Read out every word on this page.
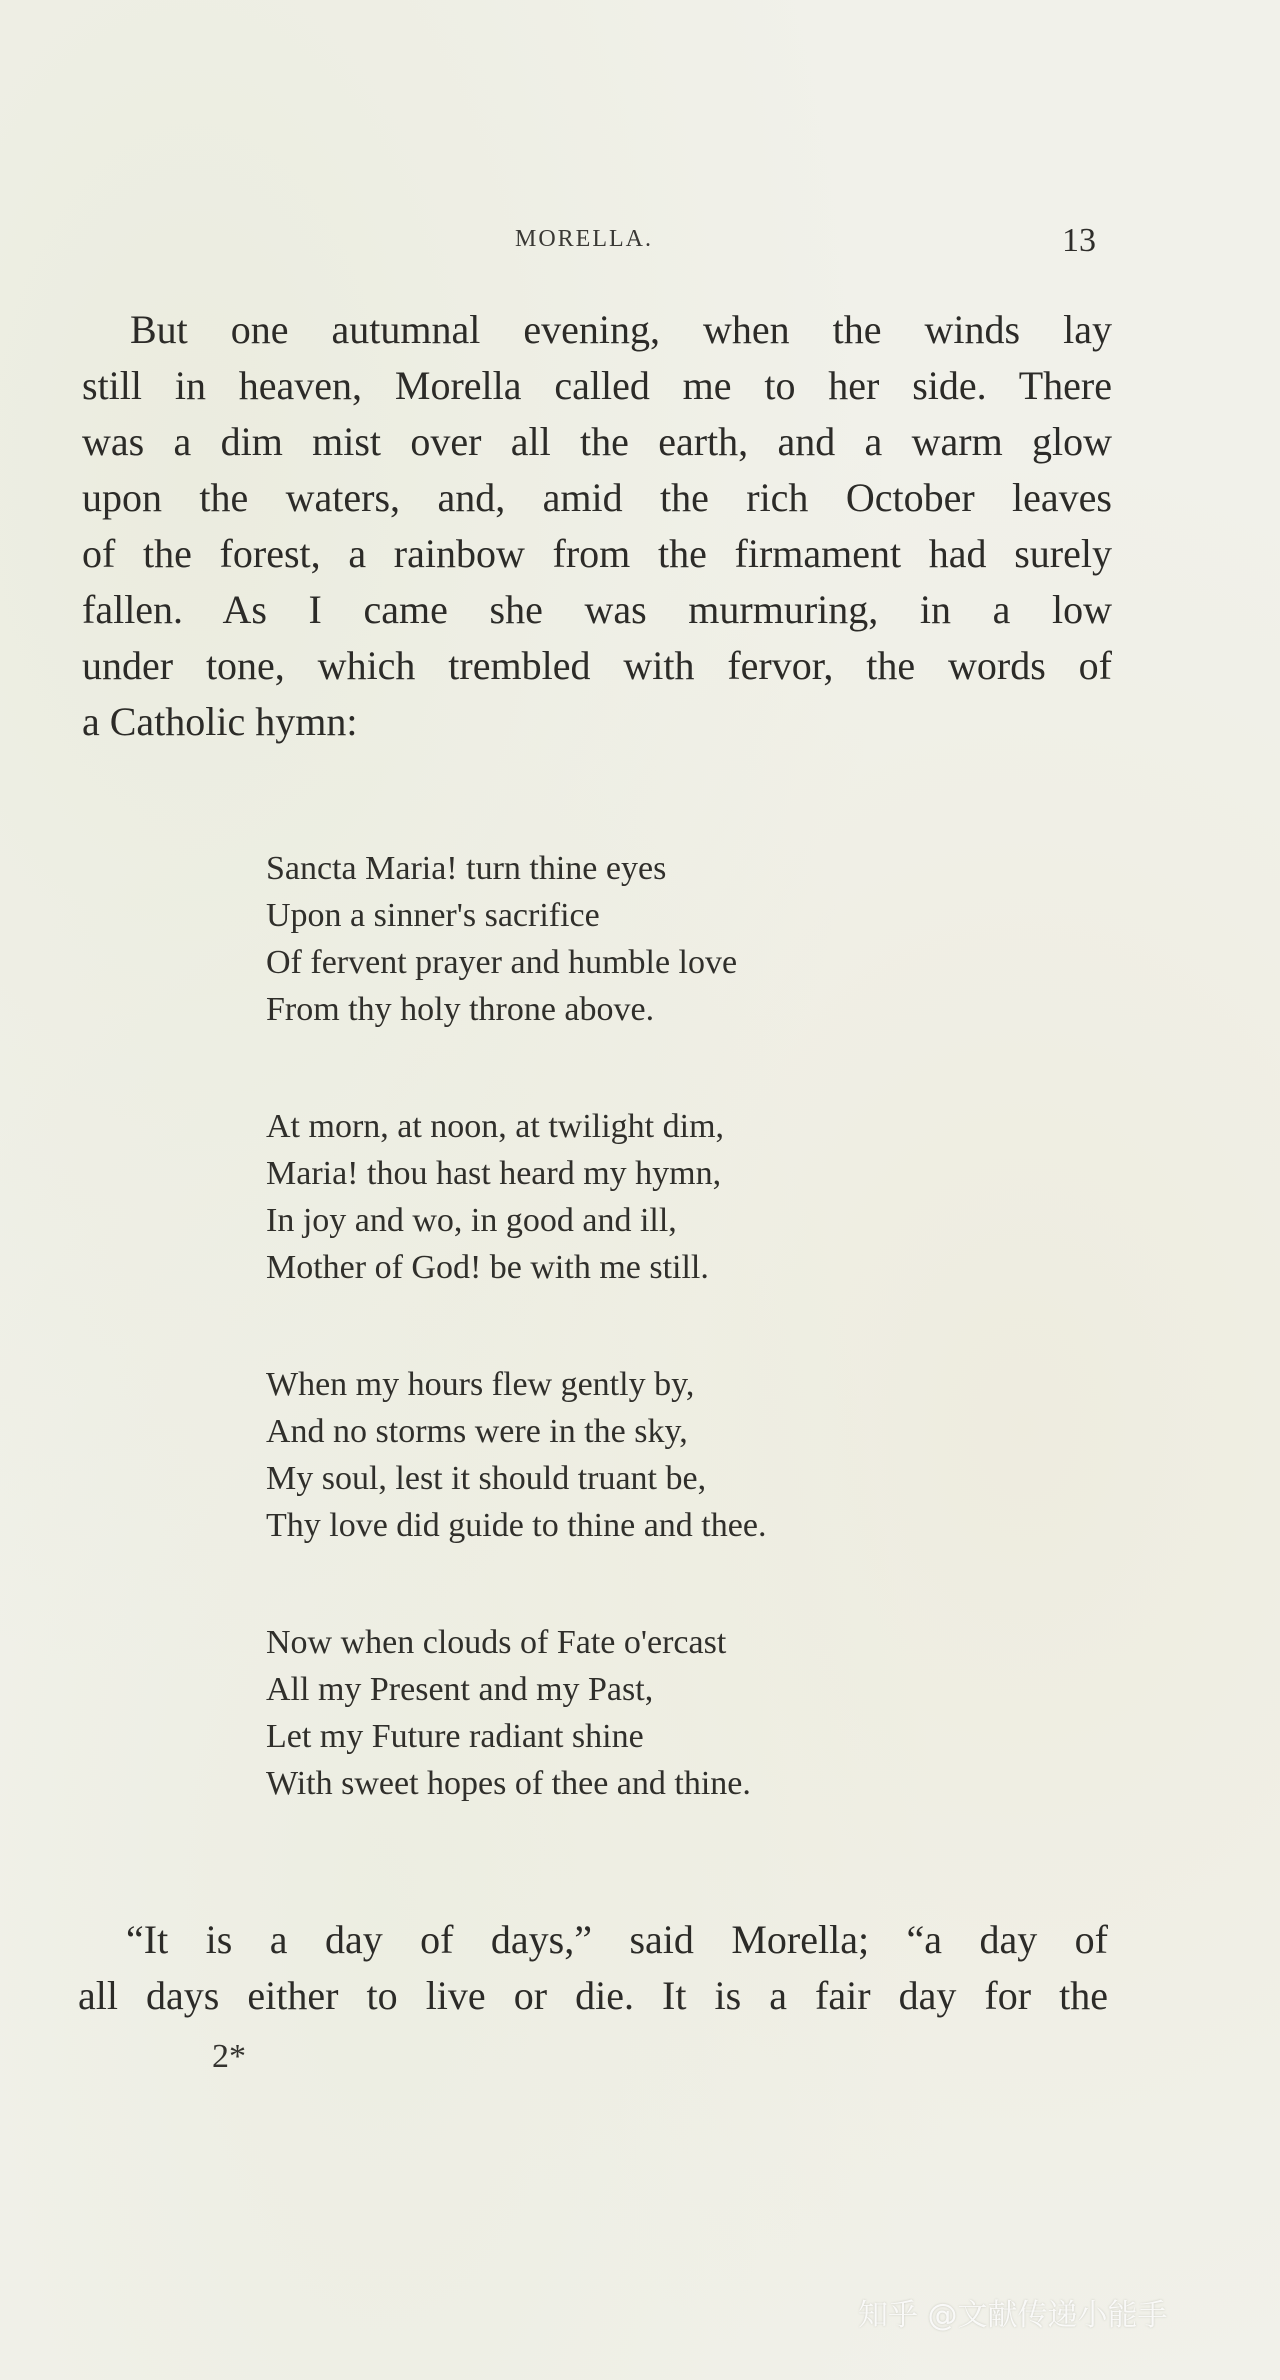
MORELLA.	13
But one autumnal evening, when the winds lay
still in heaven, Morella called me to her side. There
was a dim mist over all the earth, and a warm glow
upon the waters, and, amid the rich October leaves
of the forest, a rainbow from the firmament had surely
fallen. As I came she was murmuring, in a low
under tone, which trembled with fervor, the words of
a Catholic hymn:
Sancta Maria! turn thine eyes
Upon a sinner's sacrifice
Of fervent prayer and humble love
From thy holy throne above.
At morn, at noon, at twilight dim,
Maria! thou hast heard my hymn,
In joy and wo, in good and ill,
Mother of God! be with me still.
When my hours flew gently by,
And no storms were in the sky,
My soul, lest it should truant be,
Thy love did guide to thine and thee.
Now when clouds of Fate o'ercast
All my Present and my Past,
Let my Future radiant shine
With sweet hopes of thee and thine.
“It is a day of days,” said Morella; “a day of
all days either to live or die. It is a fair day for the
2*
知乎 @文献传递小能手
